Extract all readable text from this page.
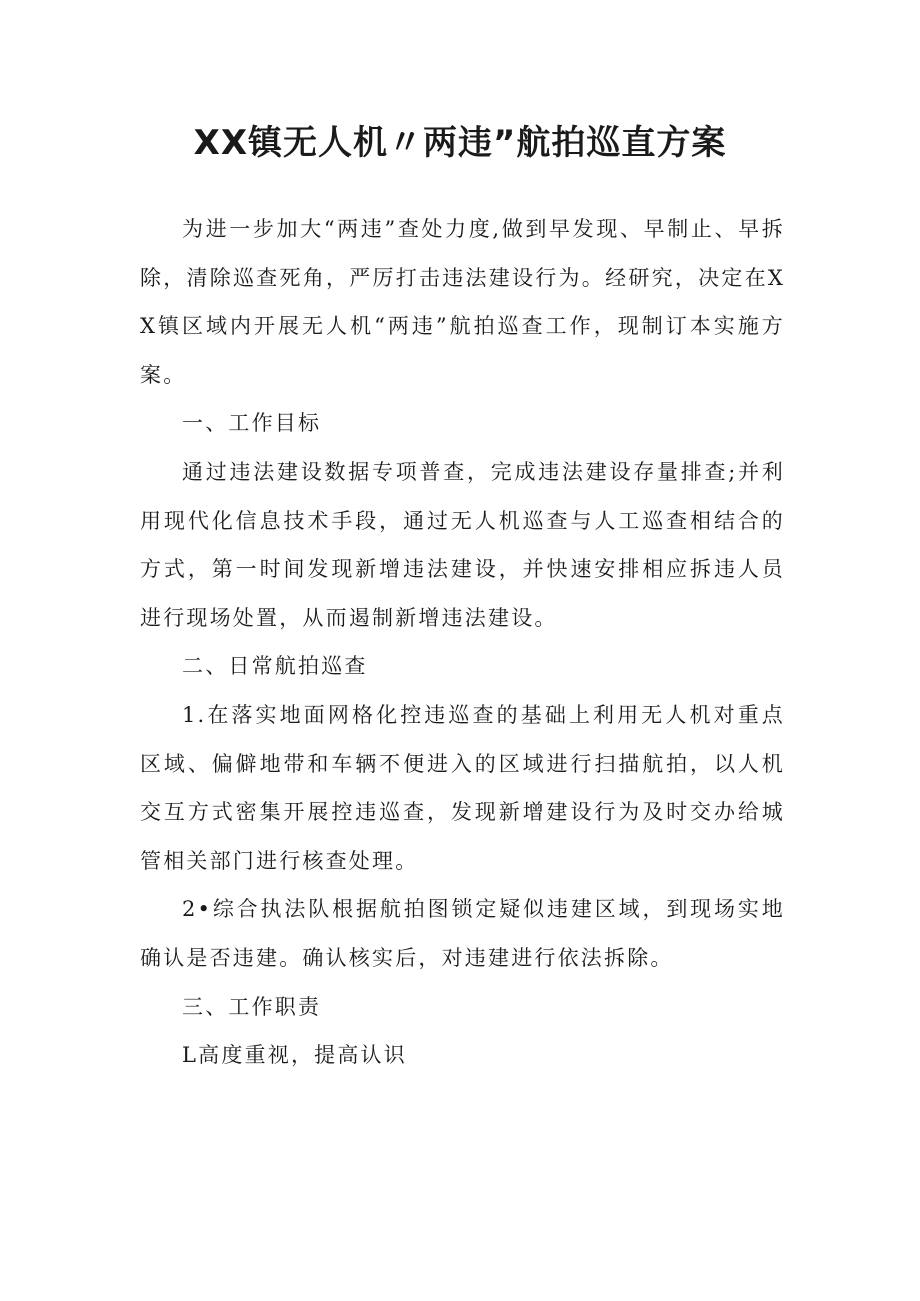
XX镇无人机〃两违”航拍巡直方案

为进一步加大“两违”查处力度,做到早发现、早制止、早拆除，清除巡查死角，严厉打击违法建设行为。经研究，决定在XX镇区域内开展无人机“两违”航拍巡查工作，现制订本实施方案。

一、工作目标

通过违法建设数据专项普查，完成违法建设存量排查;并利用现代化信息技术手段，通过无人机巡查与人工巡查相结合的方式，第一时间发现新增违法建设，并快速安排相应拆违人员进行现场处置，从而遏制新增违法建设。

二、日常航拍巡查

1.在落实地面网格化控违巡查的基础上利用无人机对重点区域、偏僻地带和车辆不便进入的区域进行扫描航拍，以人机交互方式密集开展控违巡查，发现新增建设行为及时交办给城管相关部门进行核查处理。

2•综合执法队根据航拍图锁定疑似违建区域，到现场实地确认是否违建。确认核实后，对违建进行依法拆除。

三、工作职责

L高度重视，提高认识
